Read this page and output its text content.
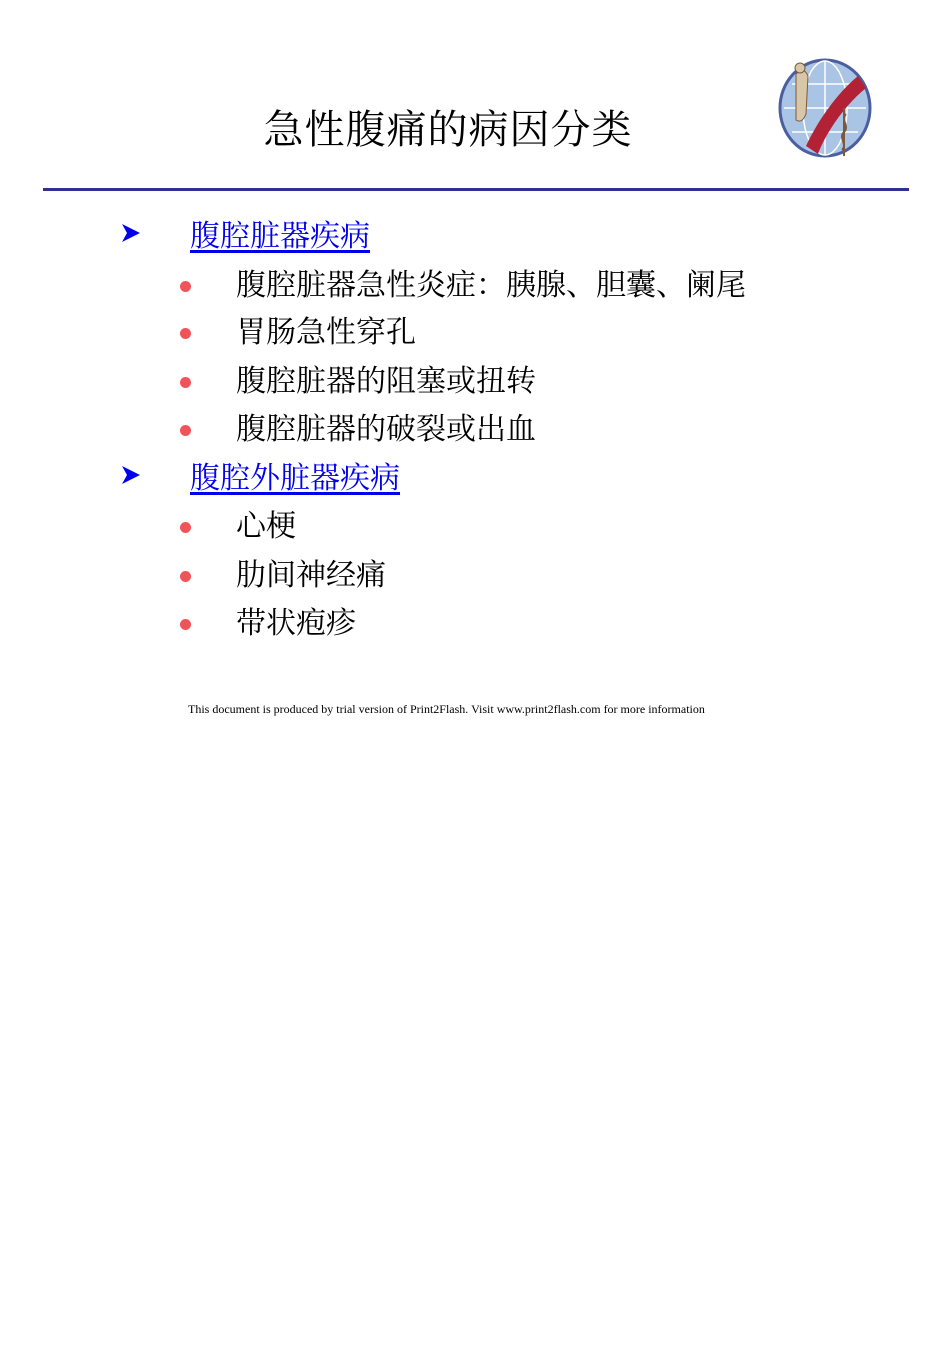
急性腹痛的病因分类
腹腔脏器疾病
腹腔脏器急性炎症：胰腺、胆囊、阑尾
胃肠急性穿孔
腹腔脏器的阻塞或扭转
腹腔脏器的破裂或出血
腹腔外脏器疾病
心梗
肋间神经痛
带状疱疹
This document is produced by trial version of Print2Flash. Visit www.print2flash.com for more information
